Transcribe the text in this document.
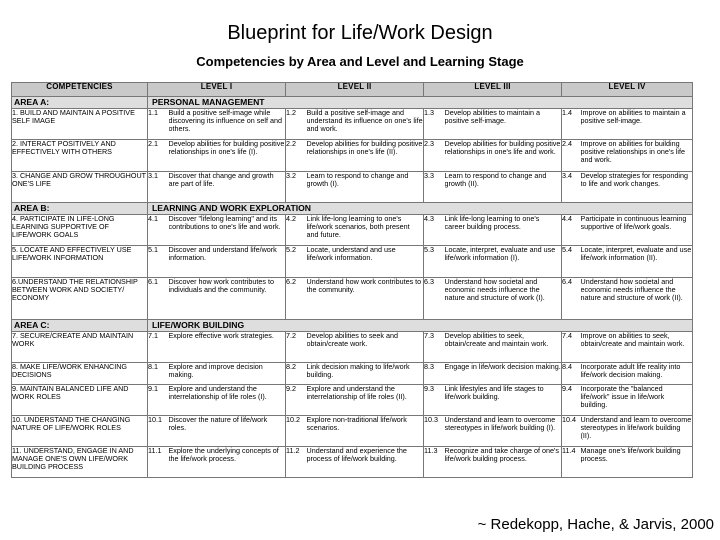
Blueprint for Life/Work Design
Competencies by Area and Level and Learning Stage
COMPETENCIES	LEVEL I		LEVEL II		LEVEL III		LEVEL IV	
AREA A:	PERSONAL MANAGEMENT							
1. BUILD AND MAINTAIN A POSITIVE SELF IMAGE	1.1	Build a positive self-image while discovering its influence on self and others.	1.2	Build a positive self-image and understand its influence on one's life and work.	1.3	Develop abilities to maintain a positive self-image.	1.4	Improve on abilities to maintain a positive self-image.
2. INTERACT POSITIVELY AND EFFECTIVELY WITH OTHERS	2.1	Develop abilities for building positive relationships in one's life (I).	2.2	Develop abilities for building positive relationships in one's life (II).	2.3	Develop abilities for building positive relationships in one's life and work.	2.4	Improve on abilities for building positive relationships in one's life and work.
3. CHANGE AND GROW THROUGHOUT ONE'S LIFE	3.1	Discover that change and growth are part of life.	3.2	Learn to respond to change and growth (I).	3.3	Learn to respond to change and growth (II).	3.4	Develop strategies for responding to life and work changes.
AREA B:	LEARNING AND WORK EXPLORATION							
4. PARTICIPATE IN LIFE-LONG LEARNING SUPPORTIVE OF LIFE/WORK GOALS	4.1	Discover "lifelong learning" and its contributions to one's life and work.	4.2	Link life-long learning to one's life/work scenarios, both present and future.	4.3	Link life-long learning to one's career building process.	4.4	Participate in continuous learning supportive of life/work goals.
5. LOCATE AND EFFECTIVELY USE LIFE/WORK INFORMATION	5.1	Discover and understand life/work information.	5.2	Locate, understand and use life/work information.	5.3	Locate, interpret, evaluate and use life/work information (I).	5.4	Locate, interpret, evaluate and use life/work information (II).
6.UNDERSTAND THE RELATIONSHIP BETWEEN WORK AND SOCIETY/ ECONOMY	6.1	Discover how work contributes to individuals and the community.	6.2	Understand how work contributes to the community.	6.3	Understand how societal and economic needs influence the nature and structure of work (I).	6.4	Understand how societal and economic needs influence the nature and structure of work (II).
AREA C:	LIFE/WORK BUILDING							
7. SECURE/CREATE AND MAINTAIN WORK	7.1	Explore effective work strategies.	7.2	Develop abilities to seek and obtain/create work.	7.3	Develop abilities to seek, obtain/create and maintain work.	7.4	Improve on abilities to seek, obtain/create and maintain work.
8. MAKE LIFE/WORK ENHANCING DECISIONS	8.1	Explore and improve decision making.	8.2	Link decision making to life/work building.	8.3	Engage in life/work decision making.	8.4	Incorporate adult life reality into life/work decision making.
9. MAINTAIN BALANCED LIFE AND WORK ROLES	9.1	Explore and understand the interrelationship of life roles (I).	9.2	Explore and understand the interrelationship of life roles (II).	9.3	Link lifestyles and life stages to life/work building.	9.4	Incorporate the "balanced life/work" issue in life/work building.
10. UNDERSTAND THE CHANGING NATURE OF LIFE/WORK ROLES	10.1	Discover the nature of life/work roles.	10.2	Explore non-traditional life/work scenarios.	10.3	Understand and learn to overcome stereotypes in life/work building (I).	10.4	Understand and learn to overcome stereotypes in life/work building (II).
11. UNDERSTAND, ENGAGE IN AND MANAGE ONE'S OWN LIFE/WORK BUILDING PROCESS	11.1	Explore the underlying concepts of the life/work process.	11.2	Understand and experience the process of life/work building.	11.3	Recognize and take charge of one's life/work building process.	11.4	Manage one's life/work building process.
~ Redekopp, Hache, & Jarvis, 2000
